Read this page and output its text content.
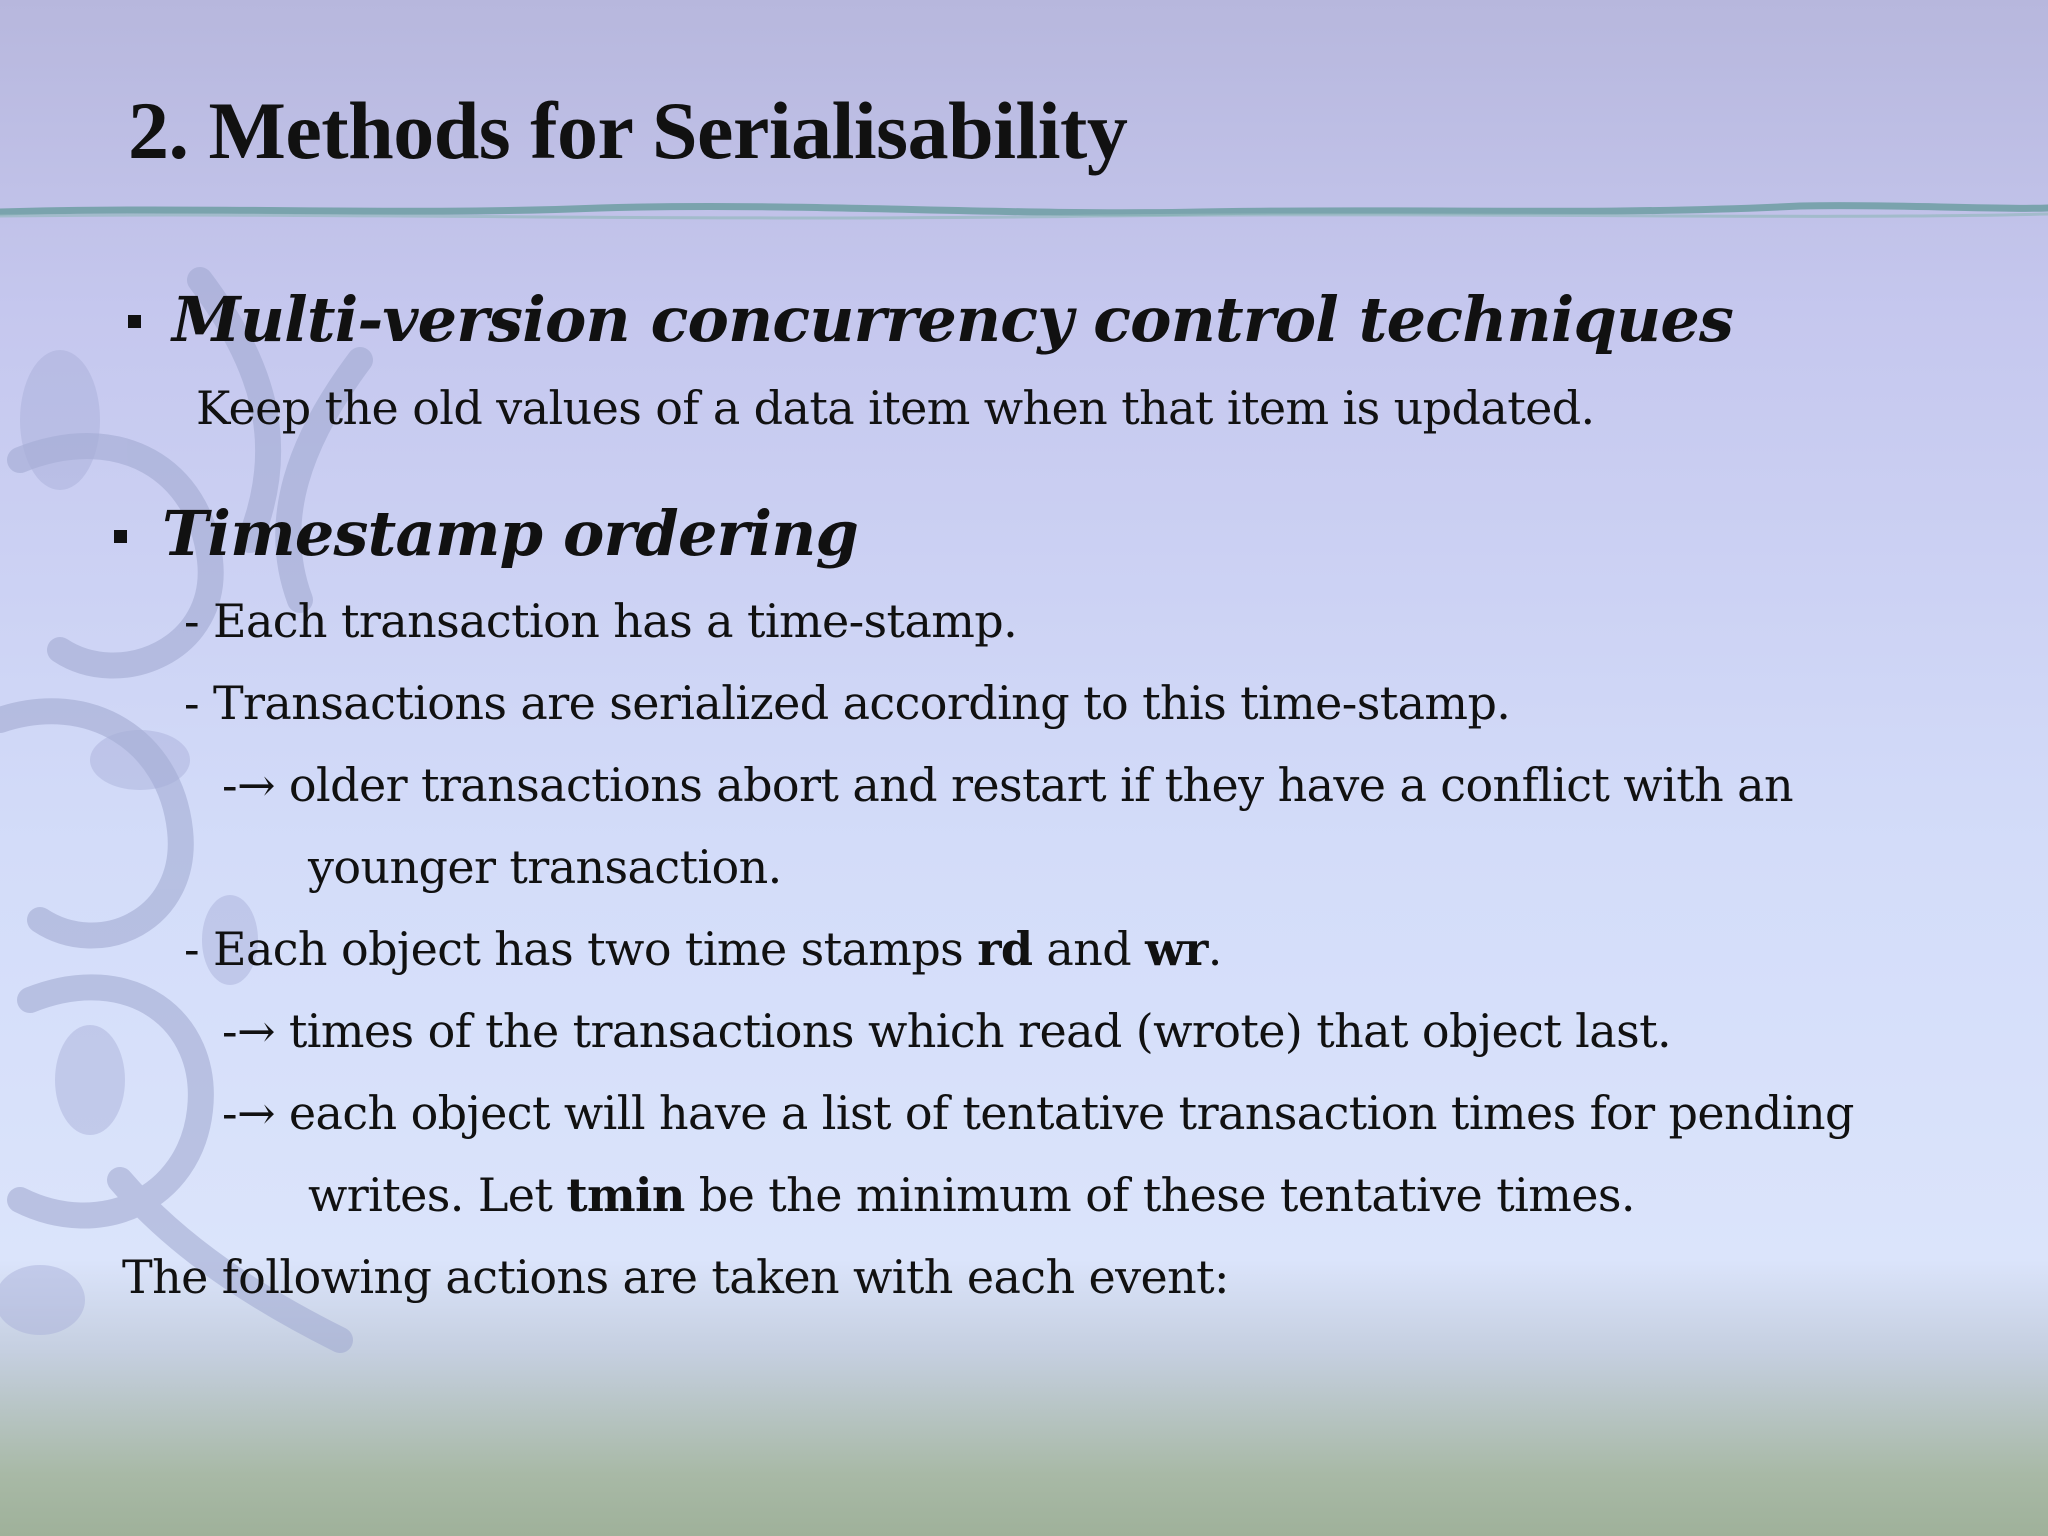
2. Methods for Serialisability
Multi-version concurrency control techniques
Keep the old values of a data item when that item is updated.
Timestamp ordering
- Each transaction has a time-stamp.
- Transactions are serialized according to this time-stamp.
-→ older transactions abort and restart if they have a conflict with an
younger transaction.
- Each object has two time stamps rd and wr.
-→ times of the transactions which read (wrote) that object last.
-→ each object will have a list of tentative transaction times for pending
writes. Let tmin be the minimum of these tentative times.
The following actions are taken with each event:
